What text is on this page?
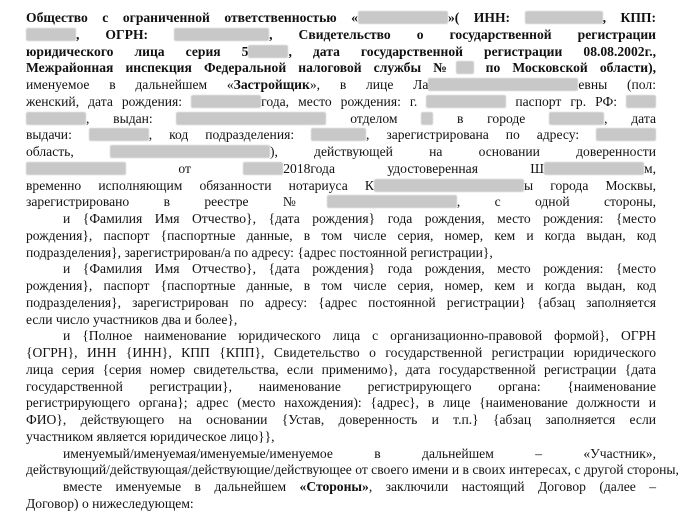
Общество с ограниченной ответственностью «	»( ИНН:	, КПП:
, ОГРН:	, Свидетельство о государственной регистрации
юридического лица серия 5	, дата государственной регистрации 08.08.2002г.,
Межрайонная инспекция Федеральной налоговой службы № по Московской области),
именуемое в дальнейшем «Застройщик», в лице Ла	евны (пол:
женский, дата рождения:	года, место рождения: г.	паспорт гр. РФ:
, выдан:	отделом  в городе	, дата
выдачи:	, код подразделения:	, зарегистрирована по адресу:
область,	), действующей на основании доверенности
от	2018года удостоверенная Ш	м,
временно исполняющим обязанности нотариуса К	ы города Москвы,
зарегистрировано в реестре №	, с одной стороны,
и {Фамилия Имя Отчество}, {дата рождения} года рождения, место рождения: {место
рождения}, паспорт {паспортные данные, в том числе серия, номер, кем и когда выдан, код
подразделения}, зарегистрирован/а по адресу: {адрес постоянной регистрации},
и {Фамилия Имя Отчество}, {дата рождения} года рождения, место рождения: {место
рождения}, паспорт {паспортные данные, в том числе серия, номер, кем и когда выдан, код
подразделения}, зарегистрирован по адресу: {адрес постоянной регистрации} {абзац заполняется
если число участников два и более},
и {Полное наименование юридического лица с организационно-правовой формой}, ОГРН
{ОГРН}, ИНН {ИНН}, КПП {КПП}, Свидетельство о государственной регистрации юридического
лица серия {серия номер свидетельства, если применимо}, дата государственной регистрации {дата
государственной регистрации}, наименование регистрирующего органа: {наименование
регистрирующего органа}; адрес (место нахождения): {адрес}, в лице {наименование должности и
ФИО}, действующего на основании {Устав, доверенность и т.п.} {абзац заполняется если
участником является юридическое лицо}},
именуемый/именуемая/именуемые/именуемое в дальнейшем – «Участник»,
действующий/действующая/действующие/действующее от своего имени и в своих интересах, с другой стороны,
вместе именуемые в дальнейшем «Стороны», заключили настоящий Договор (далее –
Договор) о нижеследующем:
